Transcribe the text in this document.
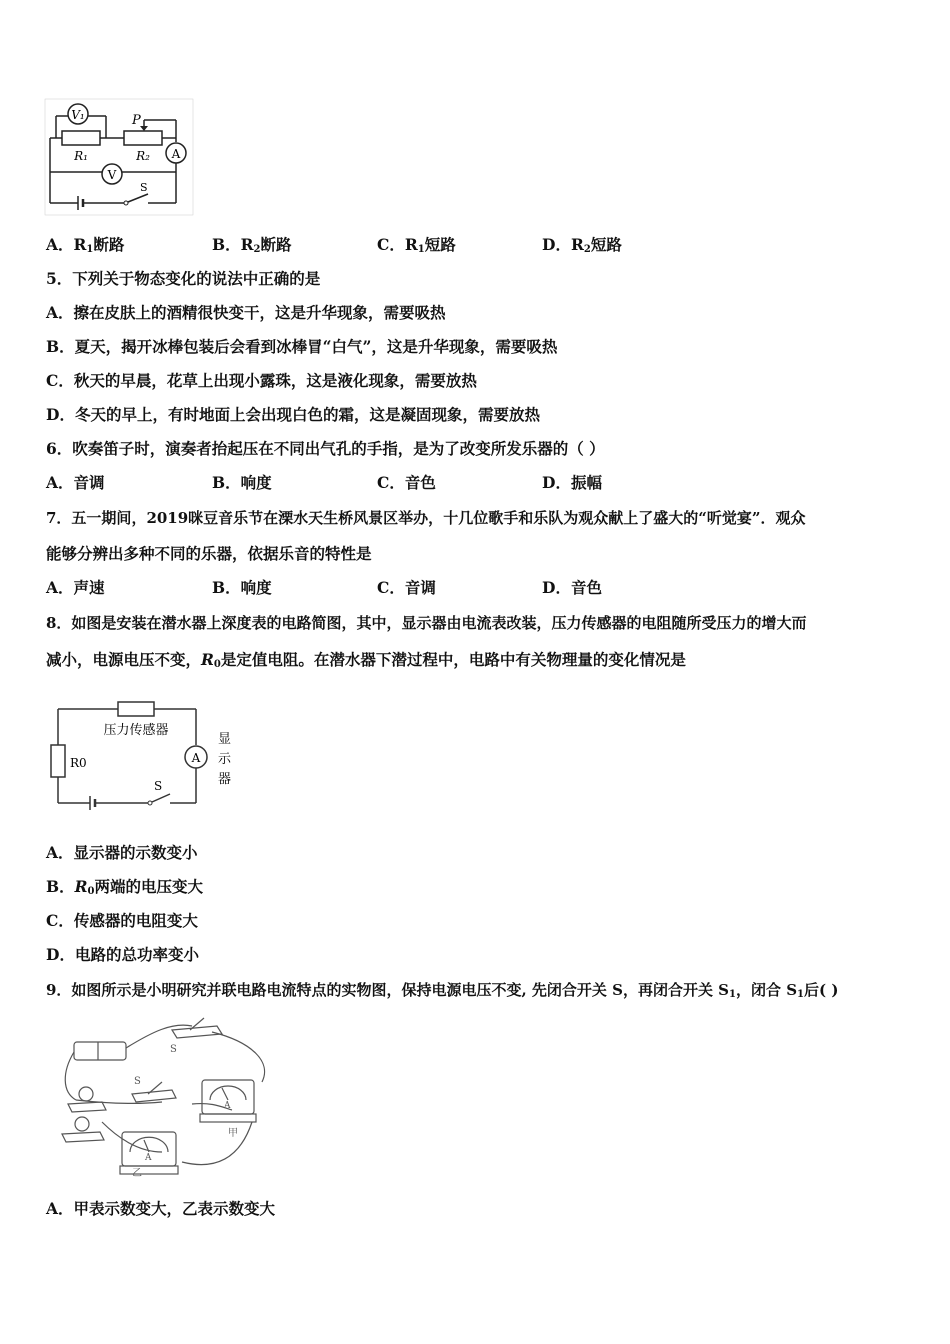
V₁	P
R₁	R₂ A
V
S
A．$R_1$断路	B．$R_2$断路	C．$R_1$短路	D．$R_2$短路
5．下列关于物态变化的说法中正确的是
A．擦在皮肤上的酒精很快变干，这是升华现象，需要吸热
B．夏天，揭开冰棒包装后会看到冰棒冒“白气”，这是升华现象，需要吸热
C．秋天的早晨，花草上出现小露珠，这是液化现象，需要放热
D．冬天的早上，有时地面上会出现白色的霜，这是凝固现象，需要放热
6．吹奏笛子时，演奏者抬起压在不同出气孔的手指，是为了改变所发乐器的（ ）
A．音调	B．响度	C．音色	D．振幅
7．五一期间，2019咪豆音乐节在溧水天生桥风景区举办，十几位歌手和乐队为观众献上了盛大的“听觉宴”．观众
能够分辨出多种不同的乐器，依据乐音的特性是
A．声速	B．响度	C．音调	D．音色
8．如图是安装在潜水器上深度表的电路简图，其中，显示器由电流表改装，压力传感器的电阻随所受压力的增大而
减小，电源电压不变，$R_0$是定值电阻。在潜水器下潜过程中，电路中有关物理量的变化情况是
压力传感器
R0	A
显
示
器
S
A．显示器的示数变小
B．$R_0$两端的电压变大
C．传感器的电阻变大
D．电路的总功率变小
9．如图所示是小明研究并联电路电流特点的实物图，保持电源电压不变, 先闭合开关 S，再闭合开关 $S_1$，闭合 $S_1$后( )
S
S
A
A
甲
乙
A．甲表示数变大，乙表示数变大
